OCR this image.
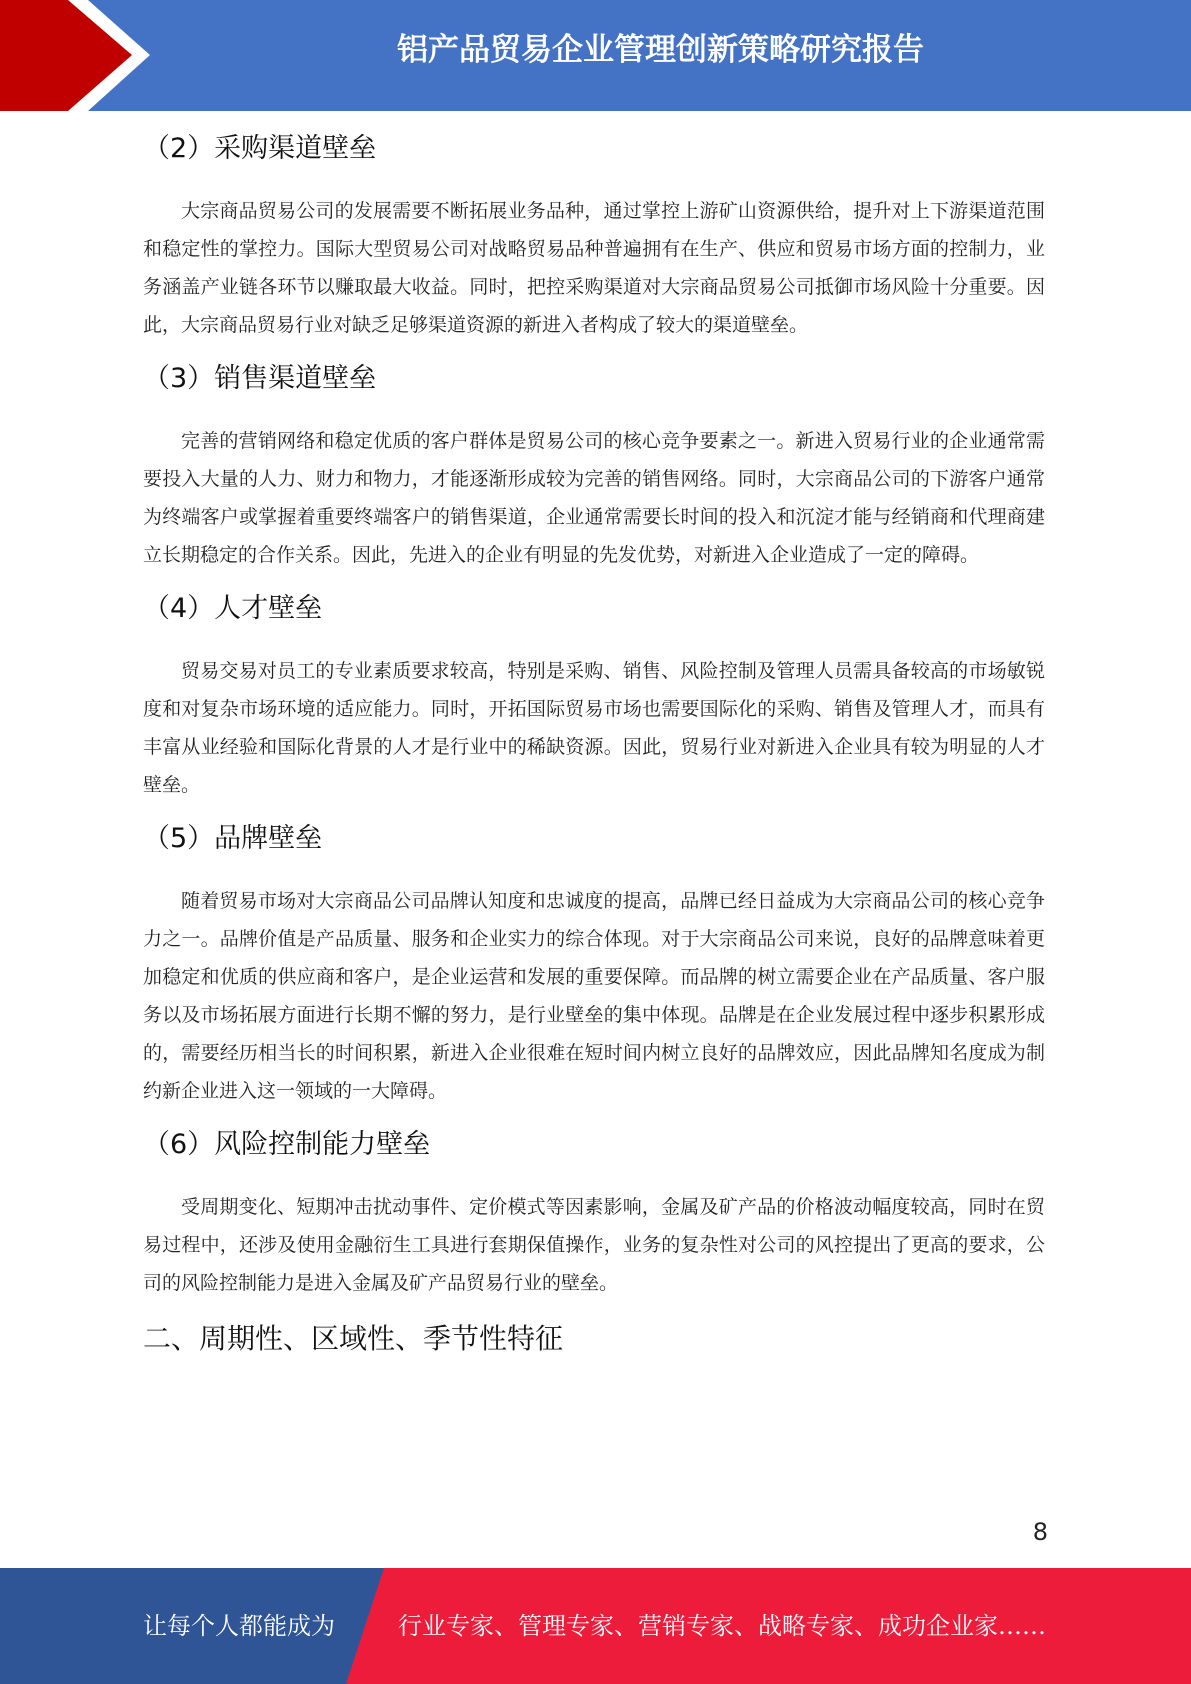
铝产品贸易企业管理创新策略研究报告
（2）采购渠道壁垒

大宗商品贸易公司的发展需要不断拓展业务品种，通过掌控上游矿山资源供给，提升对上下游渠道范围和稳定性的掌控力。国际大型贸易公司对战略贸易品种普遍拥有在生产、供应和贸易市场方面的控制力，业务涵盖产业链各环节以赚取最大收益。同时，把控采购渠道对大宗商品贸易公司抵御市场风险十分重要。因此，大宗商品贸易行业对缺乏足够渠道资源的新进入者构成了较大的渠道壁垒。

（3）销售渠道壁垒

完善的营销网络和稳定优质的客户群体是贸易公司的核心竞争要素之一。新进入贸易行业的企业通常需要投入大量的人力、财力和物力，才能逐渐形成较为完善的销售网络。同时，大宗商品公司的下游客户通常为终端客户或掌握着重要终端客户的销售渠道，企业通常需要长时间的投入和沉淀才能与经销商和代理商建立长期稳定的合作关系。因此，先进入的企业有明显的先发优势，对新进入企业造成了一定的障碍。

（4）人才壁垒

贸易交易对员工的专业素质要求较高，特别是采购、销售、风险控制及管理人员需具备较高的市场敏锐度和对复杂市场环境的适应能力。同时，开拓国际贸易市场也需要国际化的采购、销售及管理人才，而具有丰富从业经验和国际化背景的人才是行业中的稀缺资源。因此，贸易行业对新进入企业具有较为明显的人才壁垒。

（5）品牌壁垒

随着贸易市场对大宗商品公司品牌认知度和忠诚度的提高，品牌已经日益成为大宗商品公司的核心竞争力之一。品牌价值是产品质量、服务和企业实力的综合体现。对于大宗商品公司来说，良好的品牌意味着更加稳定和优质的供应商和客户，是企业运营和发展的重要保障。而品牌的树立需要企业在产品质量、客户服务以及市场拓展方面进行长期不懈的努力，是行业壁垒的集中体现。品牌是在企业发展过程中逐步积累形成的，需要经历相当长的时间积累，新进入企业很难在短时间内树立良好的品牌效应，因此品牌知名度成为制约新企业进入这一领域的一大障碍。

（6）风险控制能力壁垒

受周期变化、短期冲击扰动事件、定价模式等因素影响，金属及矿产品的价格波动幅度较高，同时在贸易过程中，还涉及使用金融衍生工具进行套期保值操作，业务的复杂性对公司的风控提出了更高的要求，公司的风险控制能力是进入金属及矿产品贸易行业的壁垒。

二、周期性、区域性、季节性特征
8
让每个人都能成为	行业专家、管理专家、营销专家、战略专家、成功企业家……
